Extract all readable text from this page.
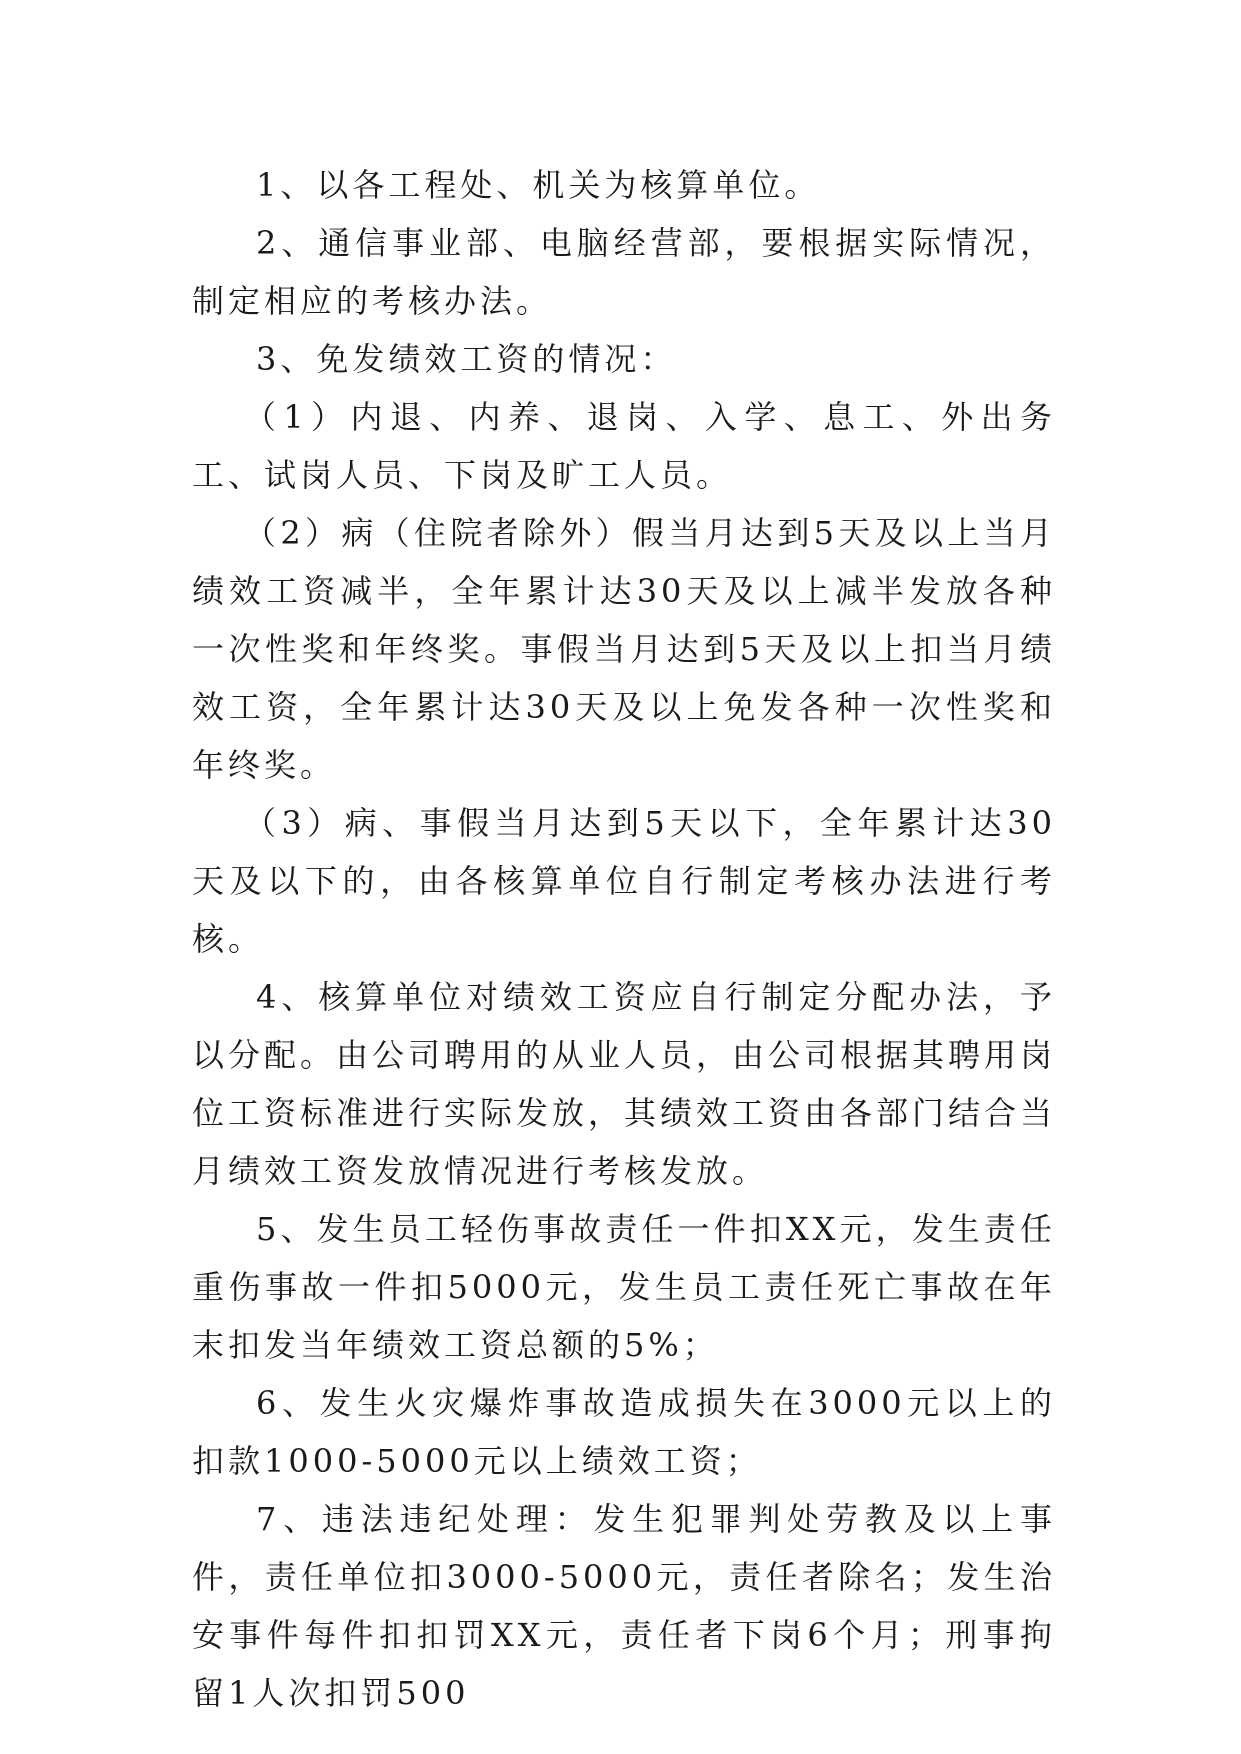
1、以各工程处、机关为核算单位。

2、通信事业部、电脑经营部，要根据实际情况，制定相应的考核办法。

3、免发绩效工资的情况：

（1）内退、内养、退岗、入学、息工、外出务工、试岗人员、下岗及旷工人员。

（2）病（住院者除外）假当月达到5天及以上当月绩效工资减半，全年累计达30天及以上减半发放各种一次性奖和年终奖。事假当月达到5天及以上扣当月绩效工资，全年累计达30天及以上免发各种一次性奖和年终奖。

（3）病、事假当月达到5天以下，全年累计达30天及以下的，由各核算单位自行制定考核办法进行考核。

4、核算单位对绩效工资应自行制定分配办法，予以分配。由公司聘用的从业人员，由公司根据其聘用岗位工资标准进行实际发放，其绩效工资由各部门结合当月绩效工资发放情况进行考核发放。

5、发生员工轻伤事故责任一件扣XX元，发生责任重伤事故一件扣5000元，发生员工责任死亡事故在年末扣发当年绩效工资总额的5%；

6、发生火灾爆炸事故造成损失在3000元以上的扣款1000-5000元以上绩效工资；

7、违法违纪处理：发生犯罪判处劳教及以上事件，责任单位扣3000-5000元，责任者除名；发生治安事件每件扣扣罚XX元，责任者下岗6个月；刑事拘留1人次扣罚500
